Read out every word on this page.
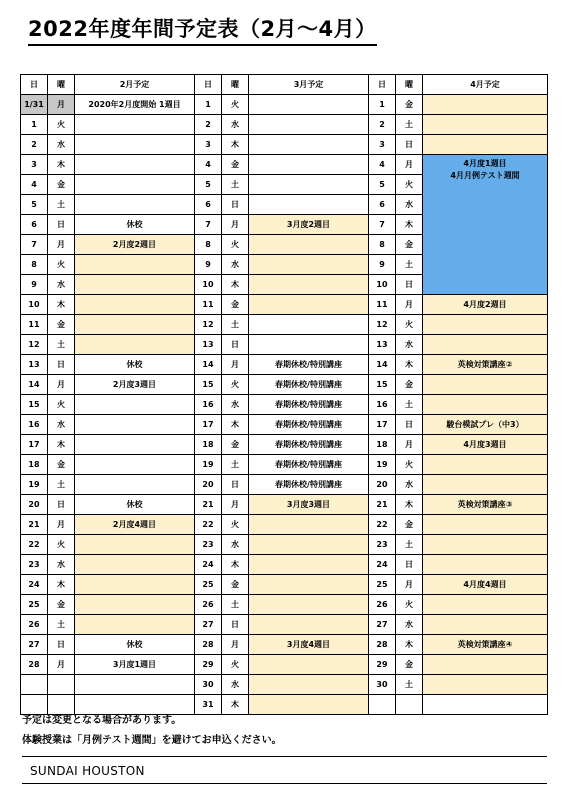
2022年度年間予定表（2月～4月）
日	曜	2月予定	日	曜	3月予定	日	曜	4月予定
1/31	月	2020年2月度開始 1週目	1	火		1	金	
1	火		2	水		2	土	
2	水		3	木		3	日	
3	木		4	金		4	月	4月度1週目
4月月例テスト週間
4	金		5	土		5	火	
5	土		6	日		6	水	
6	日	休校	7	月	3月度2週目	7	木	
7	月	2月度2週目	8	火		8	金	
8	火		9	水		9	土	
9	水		10	木		10	日	
10	木		11	金		11	月	4月度2週目
11	金		12	土		12	火	
12	土		13	日		13	水	
13	日	休校	14	月	春期休校/特別講座	14	木	英検対策講座②
14	月	2月度3週目	15	火	春期休校/特別講座	15	金	
15	火		16	水	春期休校/特別講座	16	土	
16	水		17	木	春期休校/特別講座	17	日	駿台模試プレ（中3）
17	木		18	金	春期休校/特別講座	18	月	4月度3週目
18	金		19	土	春期休校/特別講座	19	火	
19	土		20	日	春期休校/特別講座	20	水	
20	日	休校	21	月	3月度3週目	21	木	英検対策講座③
21	月	2月度4週目	22	火		22	金	
22	火		23	水		23	土	
23	水		24	木		24	日	
24	木		25	金		25	月	4月度4週目
25	金		26	土		26	火	
26	土		27	日		27	水	
27	日	休校	28	月	3月度4週目	28	木	英検対策講座④
28	月	3月度1週目	29	火		29	金	
			30	水		30	土	
			31	木				
予定は変更となる場合があります。
体験授業は「月例テスト週間」を避けてお申込ください。
SUNDAI HOUSTON
